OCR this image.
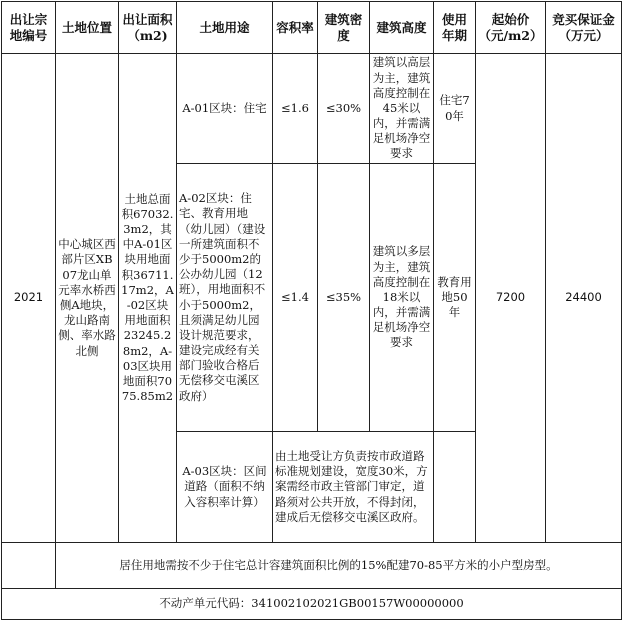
出让宗地编号	土地位置	出让面积（m2)	土地用途	容积率	建筑密度	建筑高度	使用年期	起始价（元/m2）	竞买保证金（万元）
2021	中心城区西部片区XB07龙山单元率水桥西侧A地块，龙山路南侧、率水路北侧	土地总面积67032.3m2，其中A-01区块用地面积36711.17m2，A-02区块用地面积23245.28m2，A-03区块用地面积7075.85m2	A-01区块：住宅	≤1.6	≤30%	建筑以高层为主，建筑高度控制在45米以内，并需满足机场净空要求	住宅70年	7200	24400
			A-02区块：住宅、教育用地（幼儿园）（建设一所建筑面积不少于5000m2的公办幼儿园（12班），用地面积不小于5000m2，且须满足幼儿园设计规范要求，建设完成经有关部门验收合格后无偿移交屯溪区政府）	≤1.4	≤35%	建筑以多层为主，建筑高度控制在18米以内，并需满足机场净空要求	教育用地50年		
			A-03区块：区间道路（面积不纳入容积率计算）	由土地受让方负责按市政道路标准规划建设，宽度30米，方案需经市政主管部门审定，道路须对公共开放，不得封闭，建成后无偿移交屯溪区政府。					
	居住用地需按不少于住宅总计容建筑面积比例的15%配建70-85平方米的小户型房型。								
不动产单元代码：341002102021GB00157W00000000									
